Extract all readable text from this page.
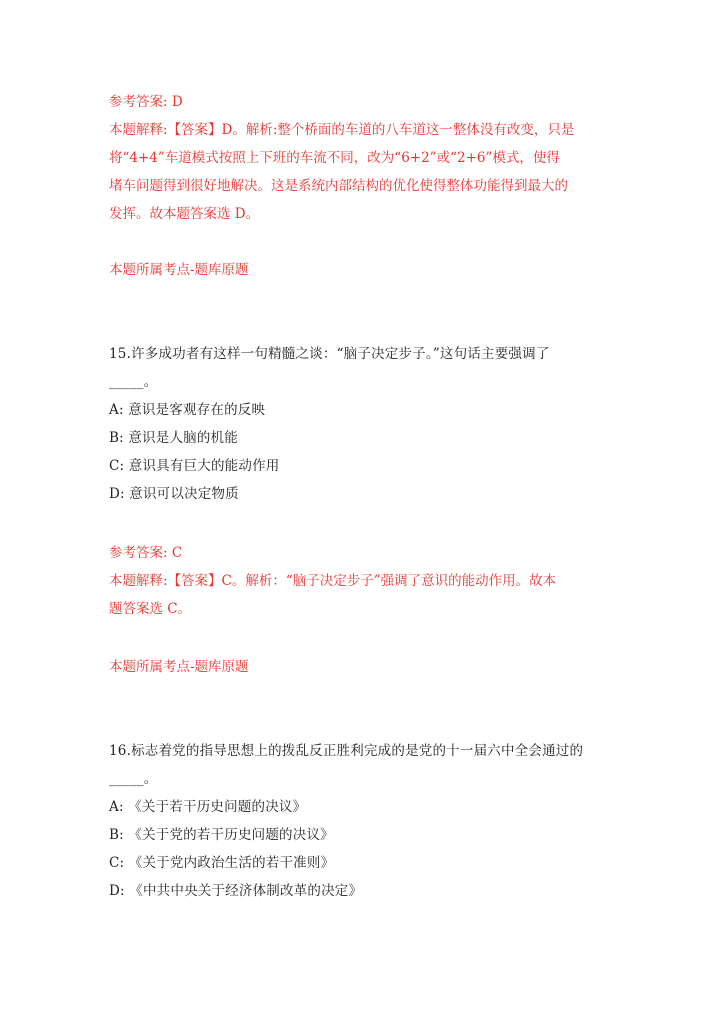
参考答案: D
本题解释:【答案】D。解析:整个桥面的车道的八车道这一整体没有改变，只是
将“4+4”车道模式按照上下班的车流不同，改为“6+2”或“2+6”模式，使得
堵车问题得到很好地解决。这是系统内部结构的优化使得整体功能得到最大的
发挥。故本题答案选 D。
本题所属考点-题库原题
15.许多成功者有这样一句精髓之谈：“脑子决定步子。”这句话主要强调了
_____。
A: 意识是客观存在的反映
B: 意识是人脑的机能
C: 意识具有巨大的能动作用
D: 意识可以决定物质
参考答案: C
本题解释:【答案】C。解析：“脑子决定步子”强调了意识的能动作用。故本
题答案选 C。
本题所属考点-题库原题
16.标志着党的指导思想上的拨乱反正胜利完成的是党的十一届六中全会通过的
_____。
A: 《关于若干历史问题的决议》
B: 《关于党的若干历史问题的决议》
C: 《关于党内政治生活的若干准则》
D: 《中共中央关于经济体制改革的决定》
